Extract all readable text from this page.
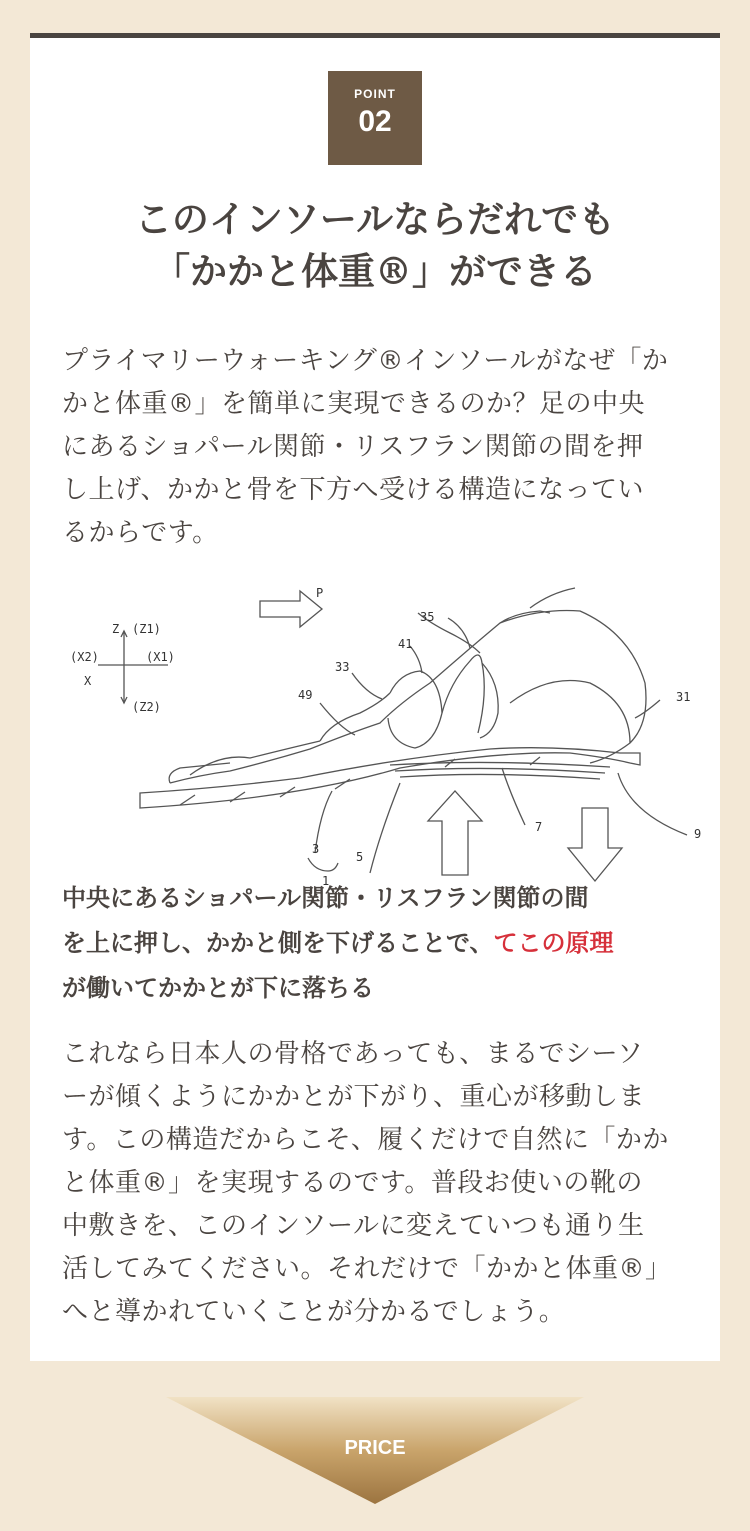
POINT
02
このインソールならだれでも
「かかと体重®」ができる
プライマリーウォーキング®インソールがなぜ「か
かと体重®」を簡単に実現できるのか？足の中央
にあるショパール関節・リスフラン関節の間を押
し上げ、かかと骨を下方へ受ける構造になってい
るからです。
P
Z (Z1)
(X2)	(X1)
X
(Z2)
35
41
33
49	31
7	9
3
5
1
中央にあるショパール関節・リスフラン関節の間
を上に押し、かかと側を下げることで、てこの原理
が働いてかかとが下に落ちる
これなら日本人の骨格であっても、まるでシーソ
ーが傾くようにかかとが下がり、重心が移動しま
す。この構造だからこそ、履くだけで自然に「かか
と体重®」を実現するのです。普段お使いの靴の
中敷きを、このインソールに変えていつも通り生
活してみてください。それだけで「かかと体重®」
へと導かれていくことが分かるでしょう。
PRICE
